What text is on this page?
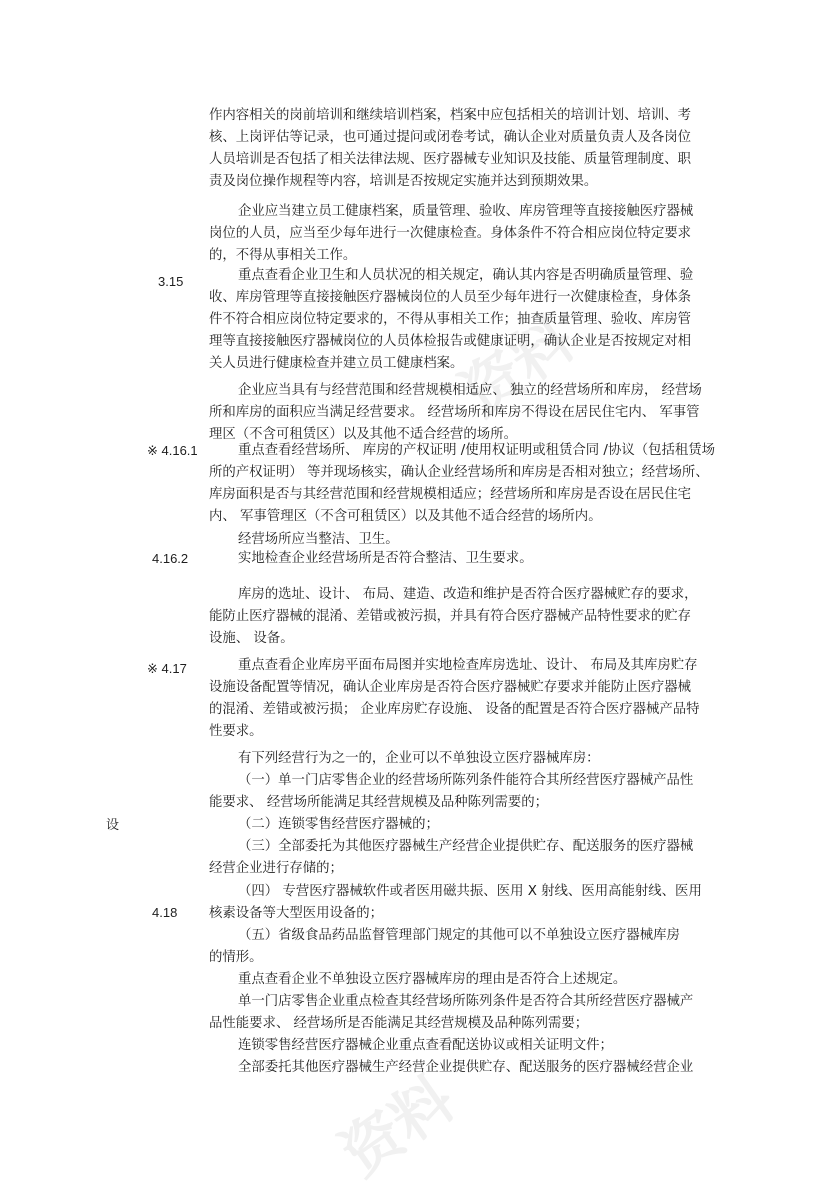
资料
资料
3.15
※ 4.16.1
4.16.2
※ 4.17
设
4.18

作内容相关的岗前培训和继续培训档案，档案中应包括相关的培训计划、培训、考

核、上岗评估等记录，也可通过提问或闭卷考试，确认企业对质量负责人及各岗位

人员培训是否包括了相关法律法规、医疗器械专业知识及技能、质量管理制度、职

责及岗位操作规程等内容，培训是否按规定实施并达到预期效果。

企业应当建立员工健康档案，质量管理、验收、库房管理等直接接触医疗器械

岗位的人员，应当至少每年进行一次健康检查。身体条件不符合相应岗位特定要求

的，不得从事相关工作。

重点查看企业卫生和人员状况的相关规定，确认其内容是否明确质量管理、验

收、库房管理等直接接触医疗器械岗位的人员至少每年进行一次健康检查，身体条

件不符合相应岗位特定要求的，不得从事相关工作；抽查质量管理、验收、库房管

理等直接接触医疗器械岗位的人员体检报告或健康证明，确认企业是否按规定对相

关人员进行健康检查并建立员工健康档案。

企业应当具有与经营范围和经营规模相适应、 独立的经营场所和库房， 经营场

所和库房的面积应当满足经营要求。 经营场所和库房不得设在居民住宅内、 军事管

理区（不含可租赁区）以及其他不适合经营的场所。

重点查看经营场所、 库房的产权证明 /使用权证明或租赁合同 /协议（包括租赁场

所的产权证明） 等并现场核实，确认企业经营场所和库房是否相对独立；经营场所、

库房面积是否与其经营范围和经营规模相适应；经营场所和库房是否设在居民住宅

内、 军事管理区（不含可租赁区）以及其他不适合经营的场所内。

经营场所应当整洁、卫生。

实地检查企业经营场所是否符合整洁、卫生要求。

库房的选址、设计、 布局、建造、改造和维护是否符合医疗器械贮存的要求，

能防止医疗器械的混淆、差错或被污损，并具有符合医疗器械产品特性要求的贮存

设施、 设备。

重点查看企业库房平面布局图并实地检查库房选址、设计、 布局及其库房贮存

设施设备配置等情况，确认企业库房是否符合医疗器械贮存要求并能防止医疗器械

的混淆、差错或被污损； 企业库房贮存设施、 设备的配置是否符合医疗器械产品特

性要求。

有下列经营行为之一的，企业可以不单独设立医疗器械库房：

（一）单一门店零售企业的经营场所陈列条件能符合其所经营医疗器械产品性

能要求、 经营场所能满足其经营规模及品种陈列需要的；

（二）连锁零售经营医疗器械的；

（三）全部委托为其他医疗器械生产经营企业提供贮存、配送服务的医疗器械

经营企业进行存储的；

（四） 专营医疗器械软件或者医用磁共振、医用 X 射线、医用高能射线、医用

核素设备等大型医用设备的；

（五）省级食品药品监督管理部门规定的其他可以不单独设立医疗器械库房

的情形。

重点查看企业不单独设立医疗器械库房的理由是否符合上述规定。

单一门店零售企业重点检查其经营场所陈列条件是否符合其所经营医疗器械产

品性能要求、 经营场所是否能满足其经营规模及品种陈列需要；

连锁零售经营医疗器械企业重点查看配送协议或相关证明文件；

全部委托其他医疗器械生产经营企业提供贮存、配送服务的医疗器械经营企业
